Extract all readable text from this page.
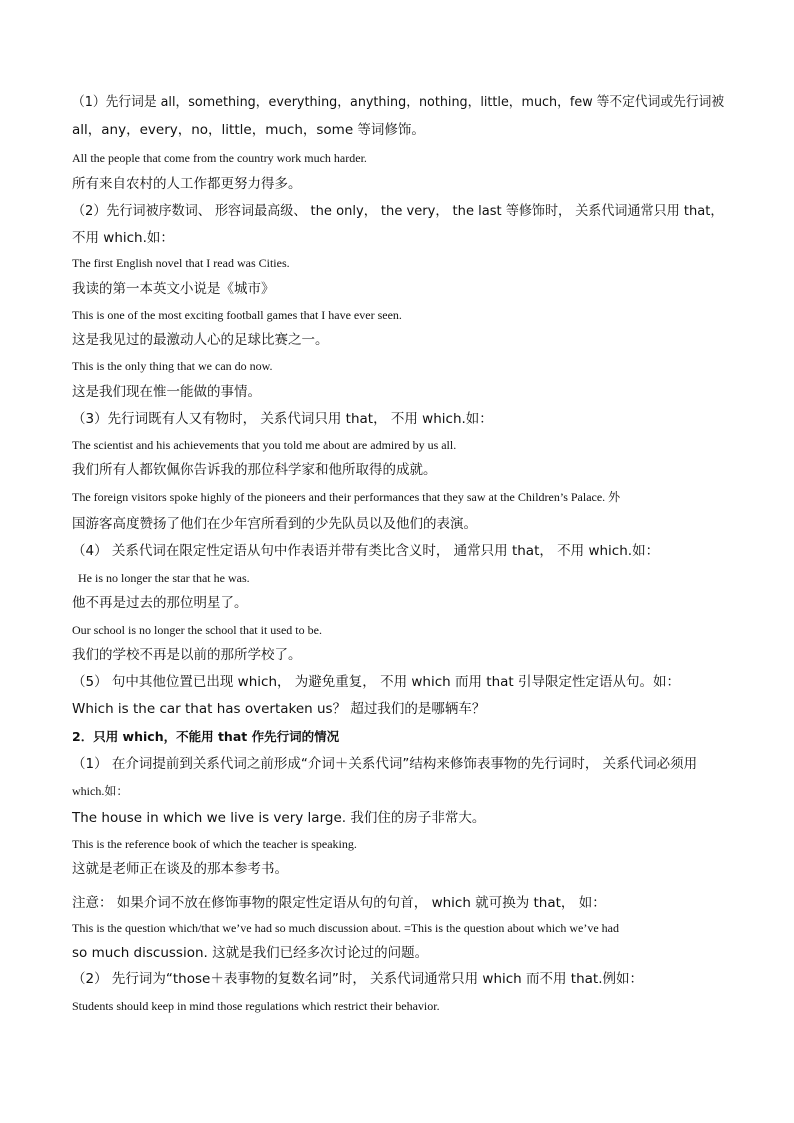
（1）先行词是 all，something，everything，anything，nothing，little，much，few 等不定代词或先行词被
all，any，every，no，little，much，some 等词修饰。
All the people that come from the country work much harder.
所有来自农村的人工作都更努力得多。
（2）先行词被序数词、 形容词最高级、 the only， the very， the last 等修饰时， 关系代词通常只用 that，
不用 which.如：
The first English novel that I read was Cities.
我读的第一本英文小说是《城市》
This is one of the most exciting football games that I have ever seen.
这是我见过的最激动人心的足球比赛之一。
This is the only thing that we can do now.
这是我们现在惟一能做的事情。
（3）先行词既有人又有物时， 关系代词只用 that， 不用 which.如：
The scientist and his achievements that you told me about are admired by us all.
我们所有人都钦佩你告诉我的那位科学家和他所取得的成就。
The foreign visitors spoke highly of the pioneers and their performances that they saw at the Children’s Palace. 外
国游客高度赞扬了他们在少年宫所看到的少先队员以及他们的表演。
（4） 关系代词在限定性定语从句中作表语并带有类比含义时， 通常只用 that， 不用 which.如：
He is no longer the star that he was.
他不再是过去的那位明星了。
Our school is no longer the school that it used to be.
我们的学校不再是以前的那所学校了。
（5） 句中其他位置已出现 which， 为避免重复， 不用 which 而用 that 引导限定性定语从句。如：
Which is the car that has overtaken us？ 超过我们的是哪辆车？
2．只用 which，不能用 that 作先行词的情况
（1） 在介词提前到关系代词之前形成“介词＋关系代词”结构来修饰表事物的先行词时， 关系代词必须用
which.如：
The house in which we live is very large. 我们住的房子非常大。
This is the reference book of which the teacher is speaking.
这就是老师正在谈及的那本参考书。
注意： 如果介词不放在修饰事物的限定性定语从句的句首， which 就可换为 that， 如：
This is the question which/that we’ve had so much discussion about. =This is the question about which we’ve had
so much discussion. 这就是我们已经多次讨论过的问题。
（2） 先行词为“those＋表事物的复数名词”时， 关系代词通常只用 which 而不用 that.例如：
Students should keep in mind those regulations which restrict their behavior.
